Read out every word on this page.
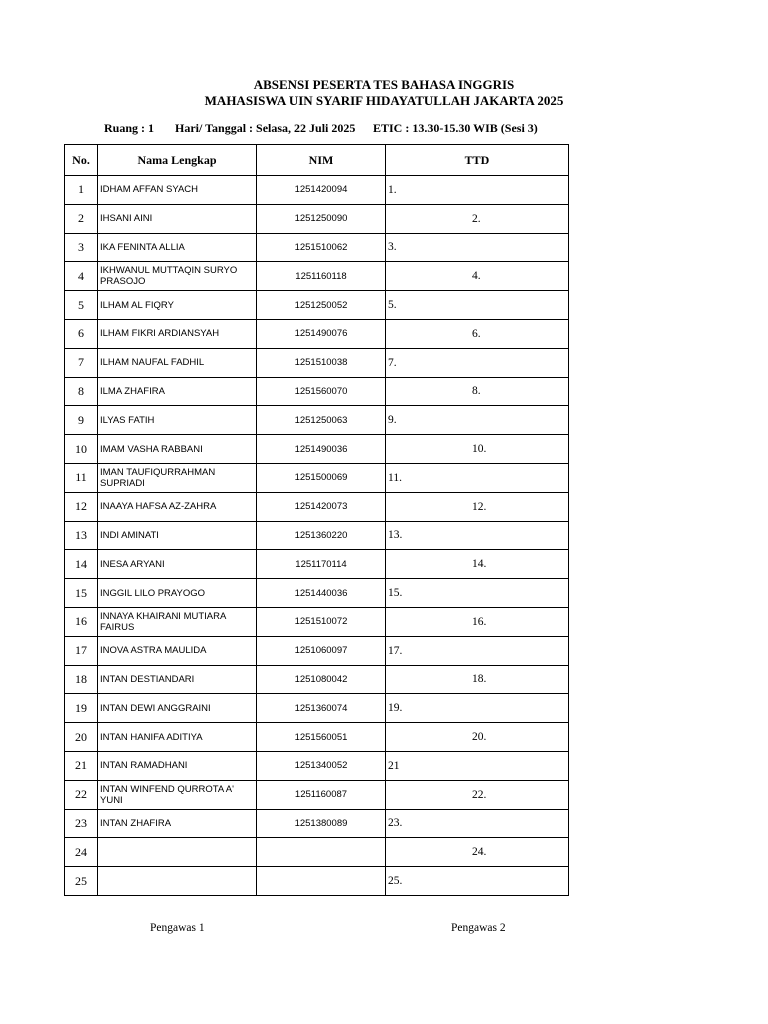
ABSENSI PESERTA TES BAHASA INGGRIS
MAHASISWA UIN SYARIF HIDAYATULLAH JAKARTA 2025
Ruang : 1 Hari/ Tanggal : Selasa, 22 Juli 2025 ETIC : 13.30-15.30 WIB (Sesi 3)
No.	Nama Lengkap	NIM	TTD
1	IDHAM AFFAN SYACH	1251420094	1.
2	IHSANI AINI	1251250090	2.
3	IKA FENINTA ALLIA	1251510062	3.
4	IKHWANUL MUTTAQIN SURYO PRASOJO	1251160118	4.
5	ILHAM AL FIQRY	1251250052	5.
6	ILHAM FIKRI ARDIANSYAH	1251490076	6.
7	ILHAM NAUFAL FADHIL	1251510038	7.
8	ILMA ZHAFIRA	1251560070	8.
9	ILYAS FATIH	1251250063	9.
10	IMAM VASHA RABBANI	1251490036	10.
11	IMAN TAUFIQURRAHMAN SUPRIADI	1251500069	11.
12	INAAYA HAFSA AZ-ZAHRA	1251420073	12.
13	INDI AMINATI	1251360220	13.
14	INESA ARYANI	1251170114	14.
15	INGGIL LILO PRAYOGO	1251440036	15.
16	INNAYA KHAIRANI MUTIARA FAIRUS	1251510072	16.
17	INOVA ASTRA MAULIDA	1251060097	17.
18	INTAN DESTIANDARI	1251080042	18.
19	INTAN DEWI ANGGRAINI	1251360074	19.
20	INTAN HANIFA ADITIYA	1251560051	20.
21	INTAN RAMADHANI	1251340052	21
22	INTAN WINFEND QURROTA A' YUNI	1251160087	22.
23	INTAN ZHAFIRA	1251380089	23.
24			24.
25			25.
Pengawas 1	Pengawas 2
